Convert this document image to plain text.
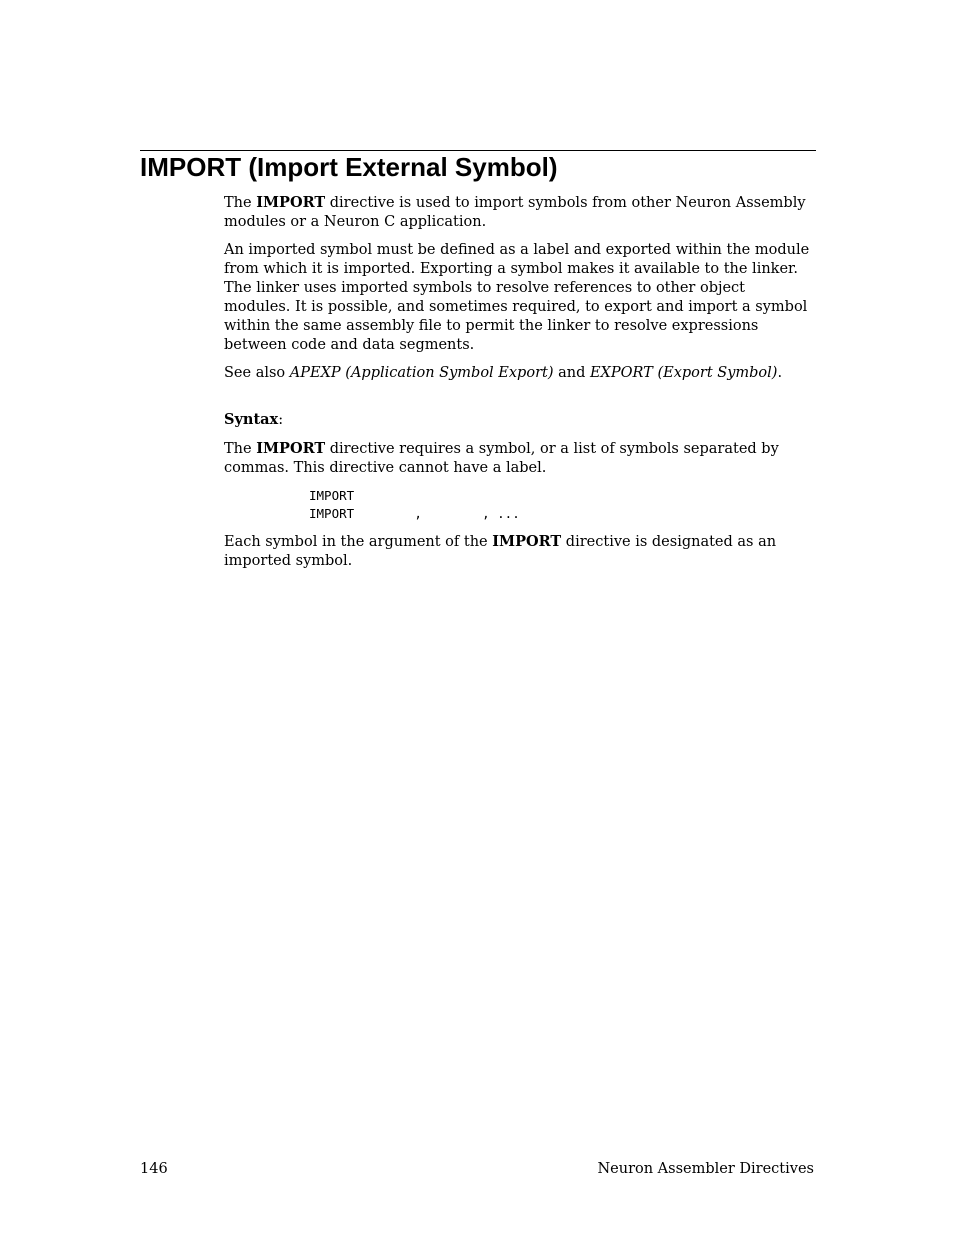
IMPORT (Import External Symbol)

The IMPORT directive is used to import symbols from other Neuron Assembly modules or a Neuron C application.

An imported symbol must be defined as a label and exported within the module from which it is imported. Exporting a symbol makes it available to the linker. The linker uses imported symbols to resolve references to other object modules. It is possible, and sometimes required, to export and import a symbol within the same assembly file to permit the linker to resolve expressions between code and data segments.

See also APEXP (Application Symbol Export) and EXPORT (Export Symbol).

Syntax:

The IMPORT directive requires a symbol, or a list of symbols separated by commas. This directive cannot have a label.

IMPORT
IMPORT        ,        , ...

Each symbol in the argument of the IMPORT directive is designated as an imported symbol.

146	Neuron Assembler Directives
